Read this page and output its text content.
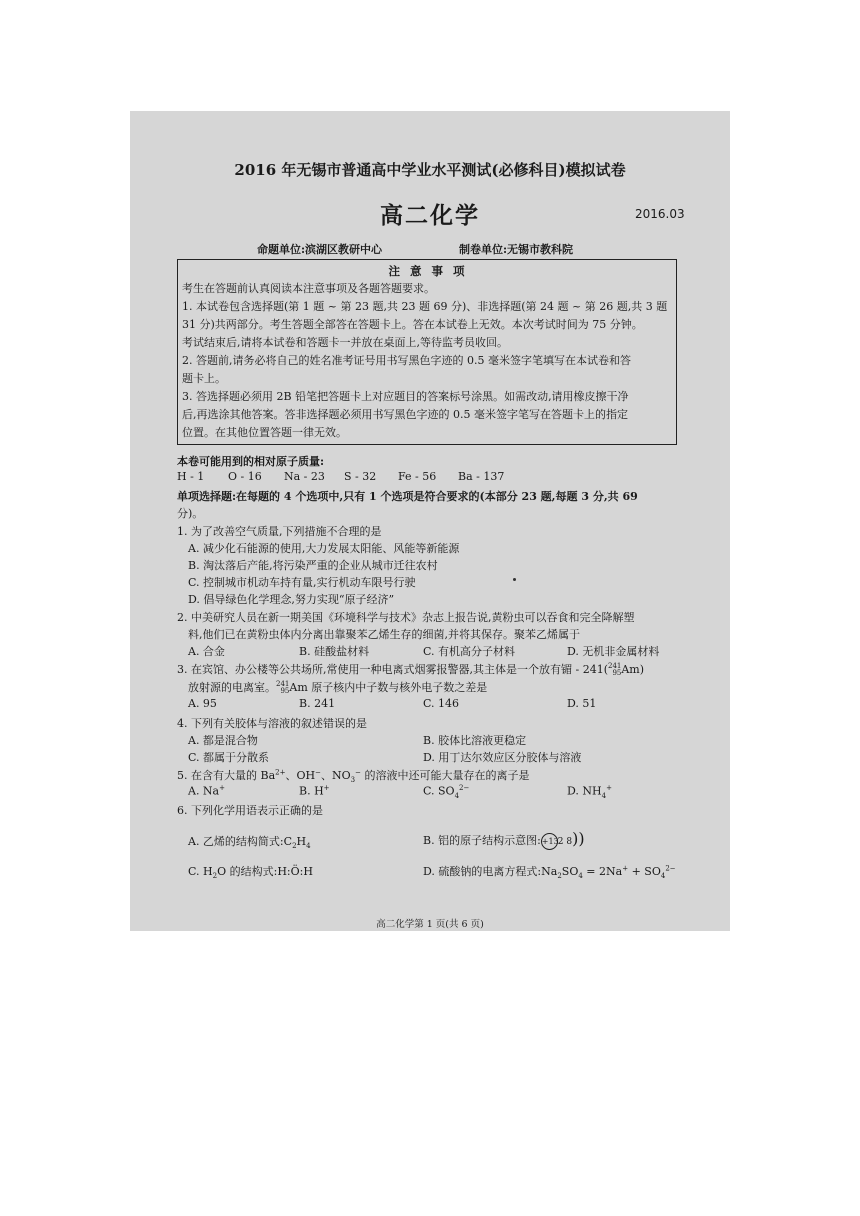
2016 年无锡市普通高中学业水平测试(必修科目)模拟试卷
高二化学	2016.03
命题单位:滨湖区教研中心	制卷单位:无锡市教科院
注 意 事 项
考生在答题前认真阅读本注意事项及各题答题要求。
1. 本试卷包含选择题(第 1 题 ~ 第 23 题,共 23 题 69 分)、非选择题(第 24 题 ~ 第 26 题,共 3 题
31 分)共两部分。考生答题全部答在答题卡上。答在本试卷上无效。本次考试时间为 75 分钟。
考试结束后,请将本试卷和答题卡一并放在桌面上,等待监考员收回。
2. 答题前,请务必将自己的姓名准考证号用书写黑色字迹的 0.5 毫米签字笔填写在本试卷和答
题卡上。
3. 答选择题必须用 2B 铅笔把答题卡上对应题目的答案标号涂黑。如需改动,请用橡皮擦干净
后,再选涂其他答案。答非选择题必须用书写黑色字迹的 0.5 毫米签字笔写在答题卡上的指定
位置。在其他位置答题一律无效。
本卷可能用到的相对原子质量:
H - 1 O - 16 Na - 23 S - 32 Fe - 56 Ba - 137
单项选择题:在每题的 4 个选项中,只有 1 个选项是符合要求的(本部分 23 题,每题 3 分,共 69
分)。
1. 为了改善空气质量,下列措施不合理的是
A. 减少化石能源的使用,大力发展太阳能、风能等新能源
B. 淘汰落后产能,将污染严重的企业从城市迁往农村
C. 控制城市机动车持有量,实行机动车限号行驶
D. 倡导绿色化学理念,努力实现“原子经济”
2. 中美研究人员在新一期美国《环境科学与技术》杂志上报告说,黄粉虫可以吞食和完全降解塑
料,他们已在黄粉虫体内分离出靠聚苯乙烯生存的细菌,并将其保存。聚苯乙烯属于
A. 合金	B. 硅酸盐材料	C. 有机高分子材料	D. 无机非金属材料
3. 在宾馆、办公楼等公共场所,常使用一种电离式烟雾报警器,其主体是一个放有镅 - 241(241
95Am)
放射源的电离室。241
95Am 原子核内中子数与核外电子数之差是
A. 95	B. 241	C. 146	D. 51
4. 下列有关胶体与溶液的叙述错误的是
A. 都是混合物	B. 胶体比溶液更稳定
C. 都属于分散系	D. 用丁达尔效应区分胶体与溶液
5. 在含有大量的 $Ba^{2+}$、OH−、$NO_3^-$ 的溶液中还可能大量存在的离子是
A. Na+	B. H+	C. $SO_4^{2-}$	D. $NH_4^+$
6. 下列化学用语表示正确的是
A. 乙烯的结构简式$:C_2H_4$	B. 铝的原子结构示意图:+132 8))
C. $H_2O$ 的结构式:H:Ö:H	D. 硫酸钠的电离方程式$:Na_2SO_4 = 2Na^+ + SO_4^{2-}$
高二化学第 1 页(共 6 页)
